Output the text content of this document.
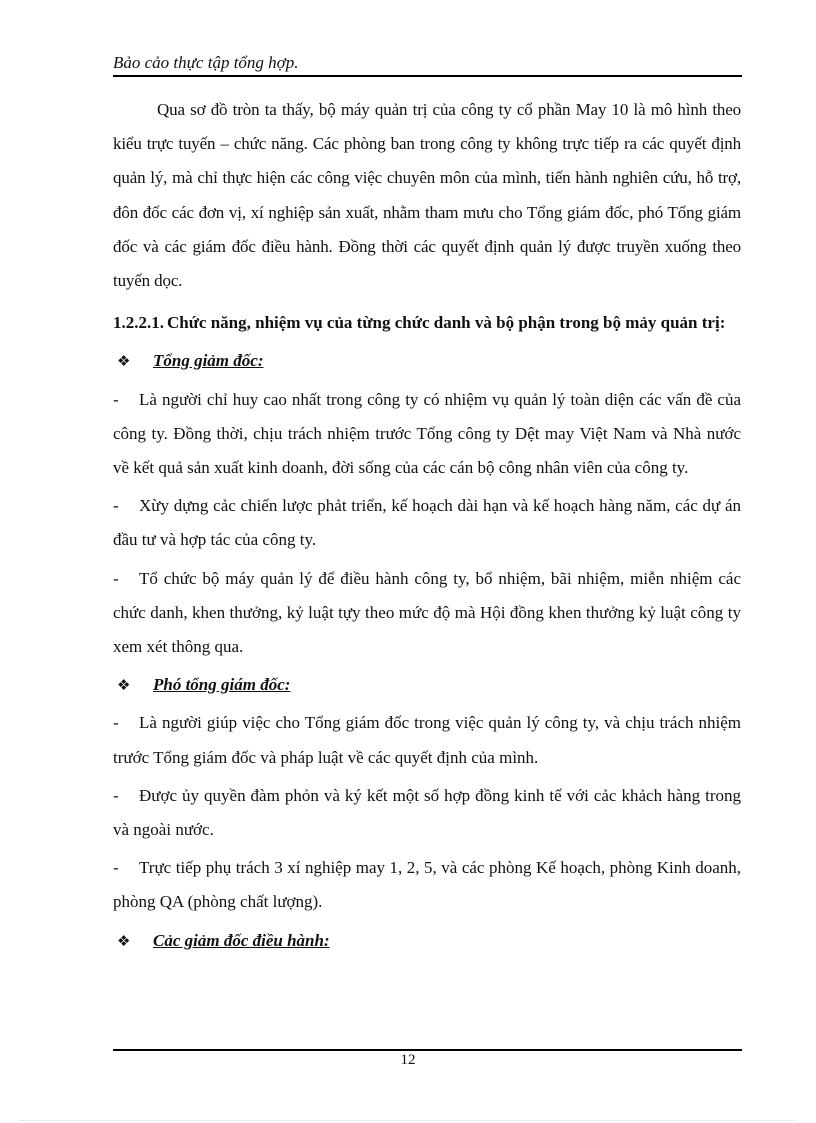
Bảo cảo thực tập tổng hợp.

Qua sơ đồ tròn ta thấy, bộ máy quản trị của công ty cổ phần May 10 là mô hình theo kiểu trực tuyến – chức năng. Các phòng ban trong công ty không trực tiếp ra các quyết định quản lý, mà chỉ thực hiện các công việc chuyên môn của mình, tiến hành nghiên cứu, hỗ trợ, đôn đốc các đơn vị, xí nghiệp sản xuất, nhằm tham mưu cho Tổng giám đốc, phó Tổng giám đốc và các giám đốc điều hành. Đồng thời các quyết định quản lý được truyền xuống theo tuyến dọc.

1.2.2.1. Chức năng, nhiệm vụ của từng chức danh và bộ phận trong bộ mảy quản trị:
❖	Tổng giảm đốc:

- Là người chỉ huy cao nhất trong công ty có nhiệm vụ quản lý toàn diện các vấn đề của công ty. Đồng thời, chịu trách nhiệm trước Tổng công ty Dệt may Việt Nam và Nhà nước về kết quả sản xuất kinh doanh, đời sống của các cán bộ công nhân viên của công ty.

- Xừy dựng cảc chiến lược phảt triển, kế hoạch dài hạn và kế hoạch hàng năm, các dự án đầu tư và hợp tác của công ty.

- Tổ chức bộ máy quản lý để điều hành công ty, bổ nhiệm, bãi nhiệm, miễn nhiệm các chức danh, khen thưởng, kỷ luật tựy theo mức độ mà Hội đồng khen thưởng kỷ luật công ty xem xét thông qua.

❖	Phó tổng giám đốc:

- Là người giúp việc cho Tổng giám đốc trong việc quản lý công ty, và chịu trách nhiệm trước Tổng giám đốc và pháp luật về các quyết định của mình.

- Được ủy quyền đàm phỏn và ký kết một số hợp đồng kinh tế với cảc khảch hàng trong và ngoài nước.

- Trực tiếp phụ trách 3 xí nghiệp may 1, 2, 5, và các phòng Kế hoạch, phòng Kinh doanh, phòng QA (phòng chất lượng).

❖	Cảc giảm đốc điều hành:
12
